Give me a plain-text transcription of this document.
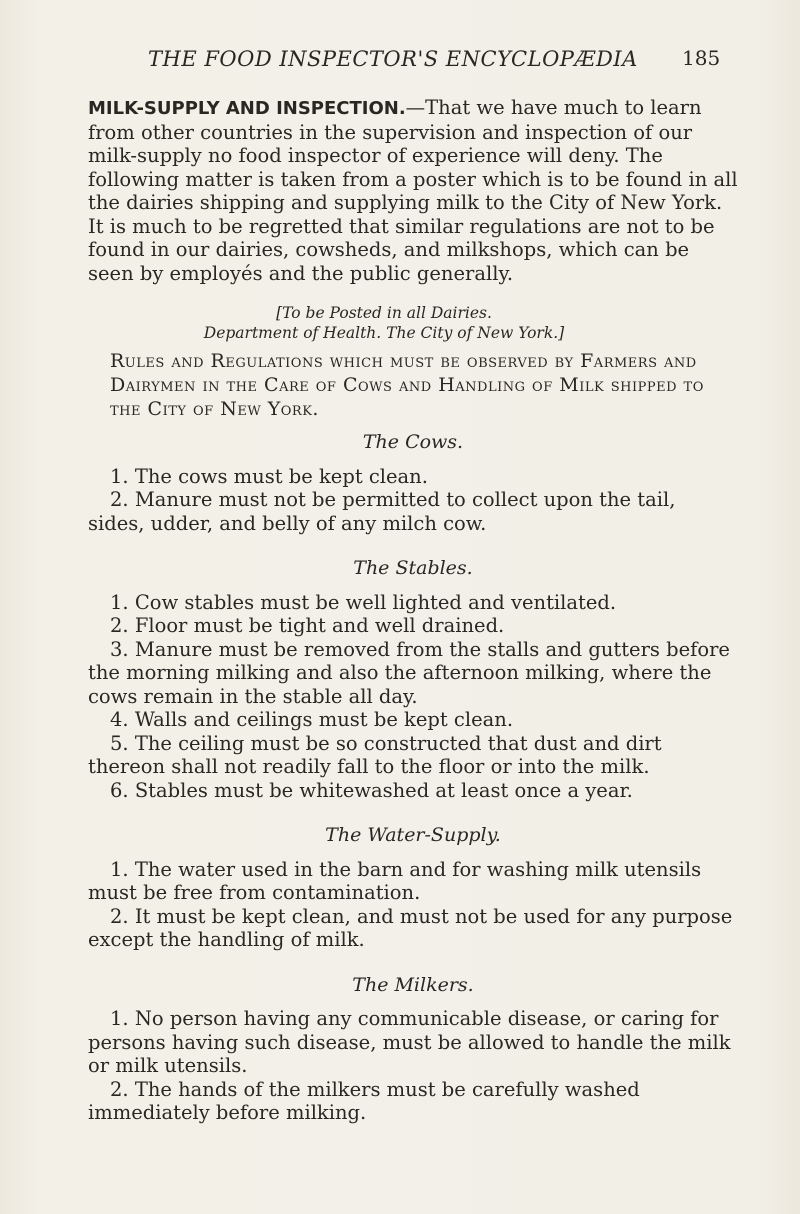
THE FOOD INSPECTOR'S ENCYCLOPÆDIA	185

MILK-SUPPLY AND INSPECTION.—That we have much to learn from other countries in the supervision and inspection of our milk-supply no food inspector of experience will deny. The following matter is taken from a poster which is to be found in all the dairies shipping and supplying milk to the City of New York. It is much to be regretted that similar regulations are not to be found in our dairies, cowsheds, and milkshops, which can be seen by employés and the public generally.

[To be Posted in all Dairies.
Department of Health. The City of New York.]
Rules and Regulations which must be observed by Farmers and Dairymen in the Care of Cows and Handling of Milk shipped to the City of New York.
The Cows.

1. The cows must be kept clean.

2. Manure must not be permitted to collect upon the tail, sides, udder, and belly of any milch cow.

The Stables.

1. Cow stables must be well lighted and ventilated.

2. Floor must be tight and well drained.

3. Manure must be removed from the stalls and gutters before the morning milking and also the afternoon milking, where the cows remain in the stable all day.

4. Walls and ceilings must be kept clean.

5. The ceiling must be so constructed that dust and dirt thereon shall not readily fall to the floor or into the milk.

6. Stables must be whitewashed at least once a year.

The Water-Supply.

1. The water used in the barn and for washing milk utensils must be free from contamination.

2. It must be kept clean, and must not be used for any purpose except the handling of milk.

The Milkers.

1. No person having any communicable disease, or caring for persons having such disease, must be allowed to handle the milk or milk utensils.

2. The hands of the milkers must be carefully washed immediately before milking.
